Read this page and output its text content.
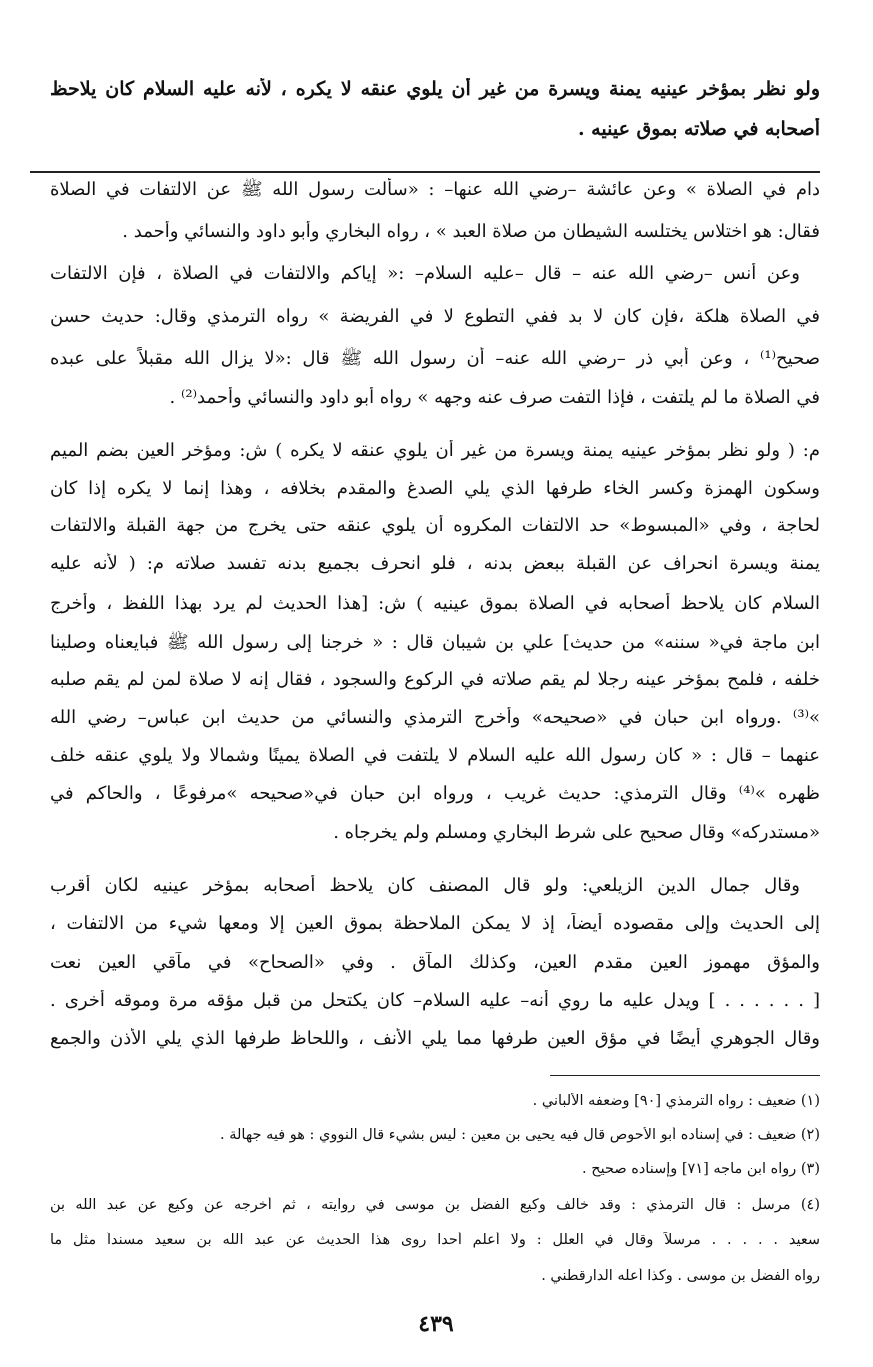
ولو نظر بمؤخر عينيه يمنة ويسرة من غير أن يلوي عنقه لا يكره ، لأنه عليه السلام كان يلاحظ
أصحابه في صلاته بموق عينيه .
دام في الصلاة » وعن عائشة –رضي الله عنها– : «سألت رسول الله ﷺ عن الالتفات في الصلاة
فقال: هو اختلاس يختلسه الشيطان من صلاة العبد » ، رواه البخاري وأبو داود والنسائي وأحمد .
وعن أنس –رضي الله عنه – قال –عليه السلام– :« إياكم والالتفات في الصلاة ، فإن الالتفات
في الصلاة هلكة ،فإن كان لا بد ففي التطوع لا في الفريضة » رواه الترمذي وقال: حديث حسن
صحيح⁽¹⁾ ، وعن أبي ذر –رضي الله عنه– أن رسول الله ﷺ قال :«لا يزال الله مقبلاً على عبده
في الصلاة ما لم يلتفت ، فإذا التفت صرف عنه وجهه » رواه أبو داود والنسائي وأحمد⁽²⁾ .
م: ( ولو نظر بمؤخر عينيه يمنة ويسرة من غير أن يلوي عنقه لا يكره ) ش: ومؤخر العين بضم الميم
وسكون الهمزة وكسر الخاء طرفها الذي يلي الصدغ والمقدم بخلافه ، وهذا إنما لا يكره إذا كان
لحاجة ، وفي «المبسوط» حد الالتفات المكروه أن يلوي عنقه حتى يخرج من جهة القبلة والالتفات
يمنة ويسرة انحراف عن القبلة ببعض بدنه ، فلو انحرف بجميع بدنه تفسد صلاته م: ( لأنه عليه
السلام كان يلاحظ أصحابه في الصلاة بموق عينيه ) ش: [هذا الحديث لم يرد بهذا اللفظ ، وأخرج
ابن ماجة في« سننه» من حديث] علي بن شيبان قال : « خرجنا إلى رسول الله ﷺ فبايعناه وصلينا
خلفه ، فلمح بمؤخر عينه رجلا لم يقم صلاته في الركوع والسجود ، فقال إنه لا صلاة لمن لم يقم صلبه
»⁽³⁾ .ورواه ابن حبان في «صحيحه» وأخرج الترمذي والنسائي من حديث ابن عباس– رضي الله
عنهما – قال : « كان رسول الله عليه السلام لا يلتفت في الصلاة يمينًا وشمالا ولا يلوي عنقه خلف
ظهره »⁽⁴⁾ وقال الترمذي: حديث غريب ، ورواه ابن حبان في«صحيحه »مرفوعًا ، والحاكم في
«مستدركه» وقال صحيح على شرط البخاري ومسلم ولم يخرجاه .
وقال جمال الدين الزيلعي: ولو قال المصنف كان يلاحظ أصحابه بمؤخر عينيه لكان أقرب
إلى الحديث وإلى مقصوده أيضاً، إذ لا يمكن الملاحظة بموق العين إلا ومعها شيء من الالتفات ،
والمؤق مهموز العين مقدم العين، وكذلك المآق . وفي «الصحاح» في مآقي العين نعت
[ . . . . . . ] ويدل عليه ما روي أنه– عليه السلام– كان يكتحل من قبل مؤقه مرة وموقه أخرى .
وقال الجوهري أيضًا في مؤق العين طرفها مما يلي الأنف ، واللحاظ طرفها الذي يلي الأذن والجمع
(١) ضعيف : رواه الترمذي [٩٠] وضعفه الألباني .
(٢) ضعيف : في إسناده أبو الأحوص قال فيه يحيى بن معين : ليس بشيء قال النووي : هو فيه جهالة .
(٣) رواه ابن ماجه [٧١] وإسناده صحيح .
(٤) مرسل : قال الترمذي : وقد خالف وكيع الفضل بن موسى في روايته ، ثم أخرجه عن وكيع عن عبد الله بن
سعيد . . . . . مرسلاً وقال في العلل : ولا أعلم أحدا روى هذا الحديث عن عبد الله بن سعيد مسنداً مثل ما
رواه الفضل بن موسى . وكذا أعله الدارقطني .
٤٣٩
